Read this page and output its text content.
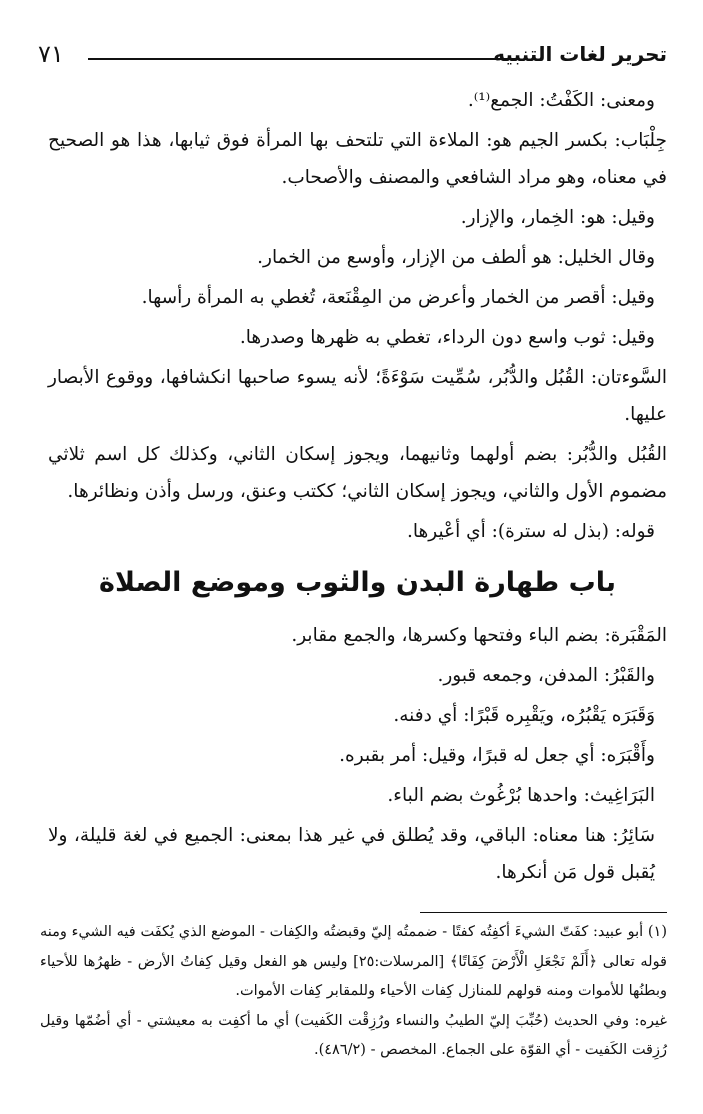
٧١	تحرير لغات التنبيه

ومعنى: الكَفْتُ: الجمع⁽¹⁾.

جِلْبَاب: بكسر الجيم هو: الملاءة التي تلتحف بها المرأة فوق ثيابها، هذا هو الصحيح في معناه، وهو مراد الشافعي والمصنف والأصحاب.

وقيل: هو: الخِمار، والإزار.

وقال الخليل: هو ألطف من الإزار، وأوسع من الخمار.

وقيل: أقصر من الخمار وأعرض من المِقْنَعة، تُغطي به المرأة رأسها.

وقيل: ثوب واسع دون الرداء، تغطي به ظهرها وصدرها.

السَّوءتان: القُبُل والدُّبُر، سُمِّيت سَوْءَةً؛ لأنه يسوء صاحبها انكشافها، ووقوع الأبصار عليها.

القُبُل والدُّبُر: بضم أولهما وثانيهما، ويجوز إسكان الثاني، وكذلك كل اسم ثلاثي مضموم الأول والثاني، ويجوز إسكان الثاني؛ ككتب وعنق، ورسل وأذن ونظائرها.

قوله: (بذل له سترة): أي أعْيرها.

باب طهارة البدن والثوب وموضع الصلاة

المَقْبَرة: بضم الباء وفتحها وكسرها، والجمع مقابر.

والقَبْرُ: المدفن، وجمعه قبور.

وَقَبَرَه يَقْبُرُه، ويَقْبِره قَبْرًا: أي دفنه.

وأَقْبَرَه: أي جعل له قبرًا، وقيل: أمر بقبره.

البَرَاغِيث: واحدها بُرْغُوث بضم الباء.

سَائِرُ: هنا معناه: الباقي، وقد يُطلق في غير هذا بمعنى: الجميع في لغة قليلة، ولا يُقبل قول مَن أنكرها.

(١) أبو عبيد: كفَتّ الشيءَ أكفِتُه كفتًا - ضممتُه إليّ وقبضتُه والكِفات - الموضع الذي يُكفَت فيه الشيء ومنه قوله تعالى ﴿أَلَمْ نَجْعَلِ الْأَرْضَ كِفَاتًا﴾ [المرسلات:٢٥] وليس هو الفعل وقيل كِفاتُ الأرض - ظهرُها للأحياء وبطنُها للأموات ومنه قولهم للمنازل كِفات الأحياء وللمقابر كِفات الأموات.

غيره: وفي الحديث (حُبِّبَ إليّ الطيبُ والنساء ورُزِقْت الكَفيت) أي ما أكفِت به معيشتي - أي أضُمّها وقيل رُزِقت الكَفيت - أي القوّة على الجماع. المخصص - (٤٨٦/٢).
